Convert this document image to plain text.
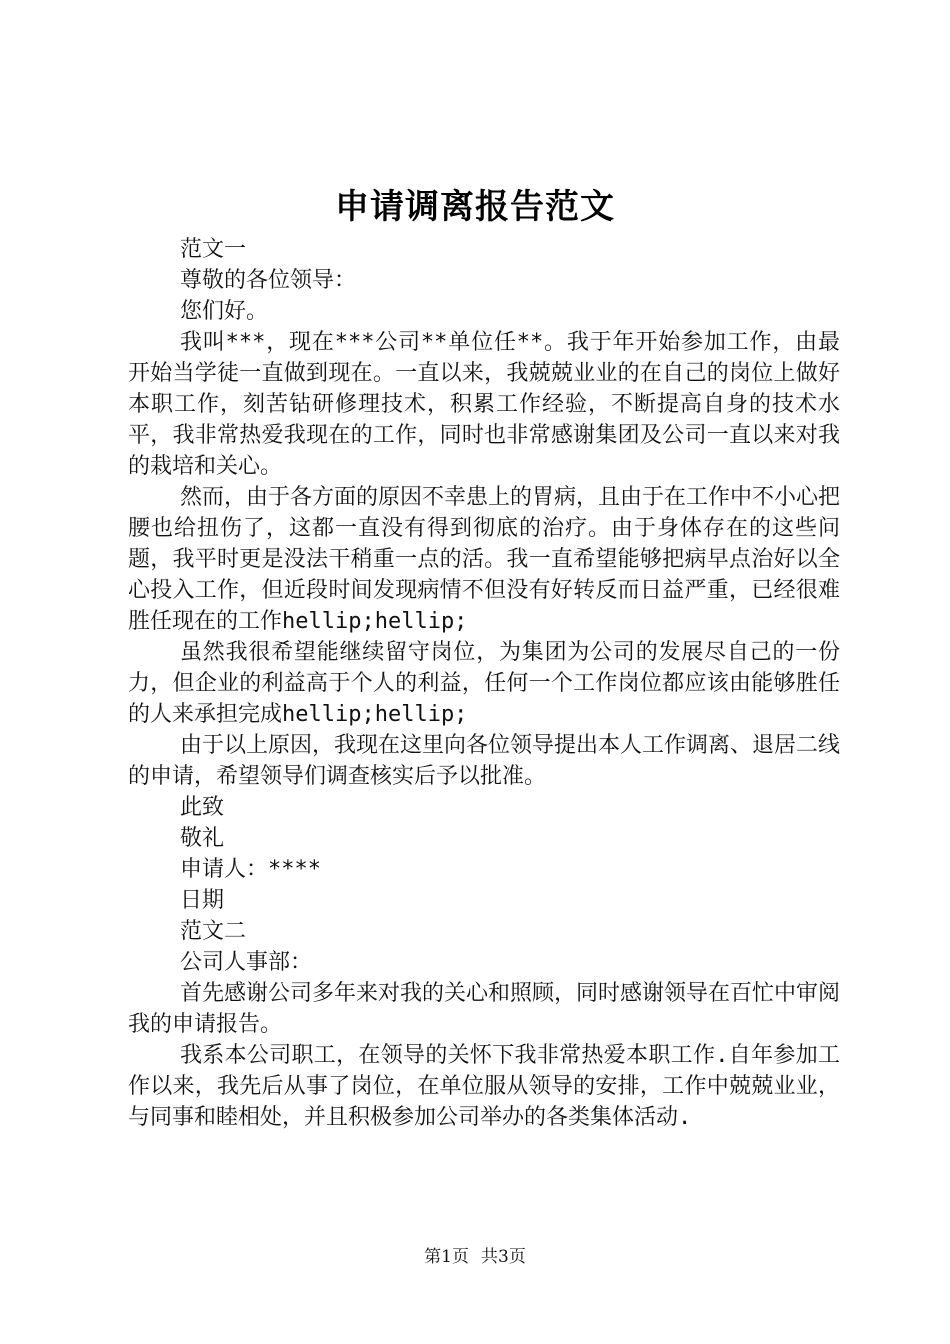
申请调离报告范文

范文一

尊敬的各位领导：

您们好。

我叫***，现在***公司**单位任**。我于年开始参加工作，由最开始当学徒一直做到现在。一直以来，我兢兢业业的在自己的岗位上做好本职工作，刻苦钻研修理技术，积累工作经验，不断提高自身的技术水平，我非常热爱我现在的工作，同时也非常感谢集团及公司一直以来对我的栽培和关心。

然而，由于各方面的原因不幸患上的胃病，且由于在工作中不小心把腰也给扭伤了，这都一直没有得到彻底的治疗。由于身体存在的这些问题，我平时更是没法干稍重一点的活。我一直希望能够把病早点治好以全心投入工作，但近段时间发现病情不但没有好转反而日益严重，已经很难胜任现在的工作hellip;hellip;

虽然我很希望能继续留守岗位，为集团为公司的发展尽自己的一份力，但企业的利益高于个人的利益，任何一个工作岗位都应该由能够胜任的人来承担完成hellip;hellip;

由于以上原因，我现在这里向各位领导提出本人工作调离、退居二线的申请，希望领导们调查核实后予以批准。

此致

敬礼

申请人：****

日期

范文二

公司人事部：

首先感谢公司多年来对我的关心和照顾，同时感谢领导在百忙中审阅我的申请报告。

我系本公司职工，在领导的关怀下我非常热爱本职工作.自年参加工作以来，我先后从事了岗位，在单位服从领导的安排，工作中兢兢业业，与同事和睦相处，并且积极参加公司举办的各类集体活动.

第1页 共3页
